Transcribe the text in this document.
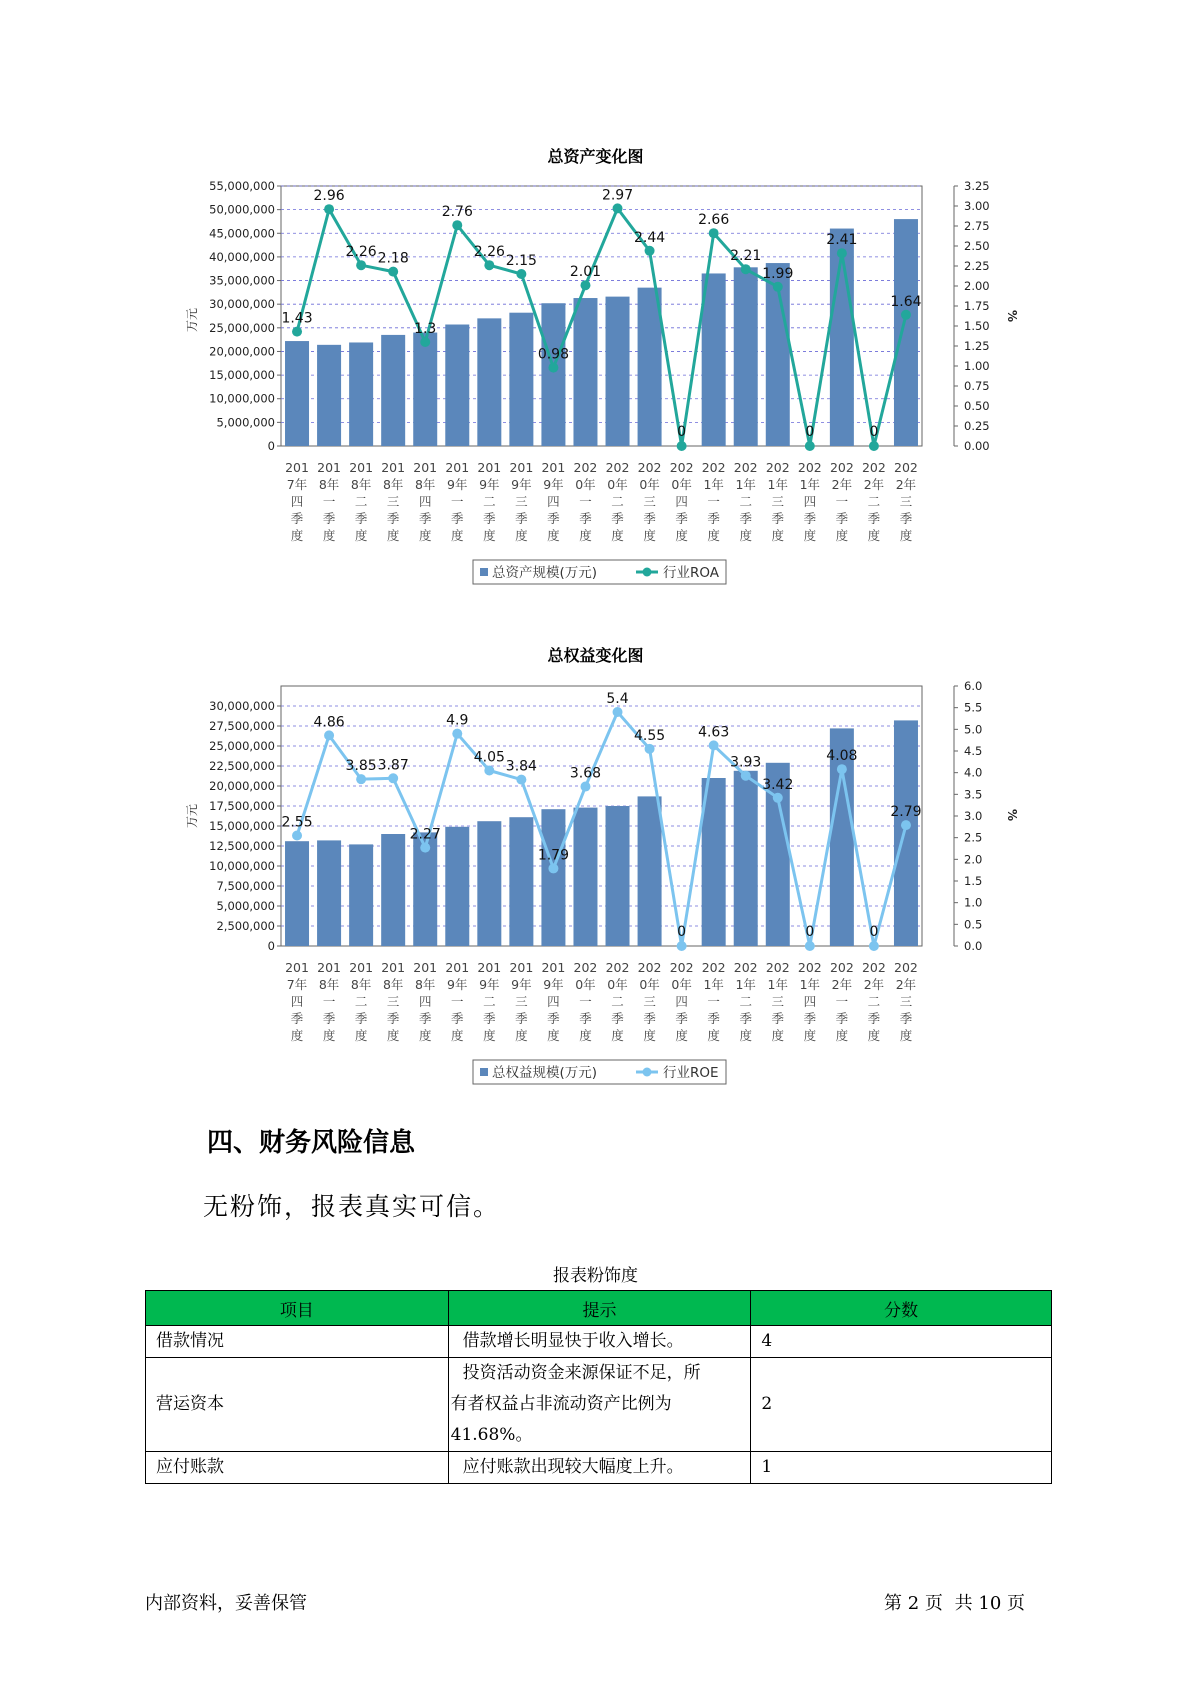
总资产变化图
55,000,000
50,000,000
45,000,000
40,000,000
35,000,000
30,000,000
25,000,000
20,000,000
15,000,000
10,000,000
5,000,000
0
3.25
3.00
2.75
2.50
2.25
2.00
1.75
1.50
1.25
1.00
0.75
0.50
0.25
0.00
万元	%
1.43
2.96
2.26 2.18
1.3
2.76
2.26
2.15
0.98
2.01
2.97
2.44
0
2.66
2.21
1.99
0
2.41
0
1.64
201
7年
四
季
度
201
8年
一
季
度
201
8年
二
季
度
201
8年
三
季
度
201
8年
四
季
度
201
9年
一
季
度
201
9年
二
季
度
201
9年
三
季
度
201
9年
四
季
度
202
0年
一
季
度
202
0年
二
季
度
202
0年
三
季
度
202
0年
四
季
度
202
1年
一
季
度
202
1年
二
季
度
202
1年
三
季
度
202
1年
四
季
度
202
2年
一
季
度
202
2年
二
季
度
202
2年
三
季
度
总资产规模(万元)	行业ROA
总权益变化图
30,000,000
27,500,000
25,000,000
22,500,000
20,000,000
17,500,000
15,000,000
12,500,000
10,000,000
7,500,000
5,000,000
2,500,000
0
6.0
5.5
5.0
4.5
4.0
3.5
3.0
2.5
2.0
1.5
1.0
0.5
0.0
万元	%
2.55
4.86
3.85 3.87
2.27
4.9
4.05
3.84
1.79
3.68
5.4
4.55
0
4.63
3.93
3.42
0
4.08
0
2.79
201
7年
四
季
度
201
8年
一
季
度
201
8年
二
季
度
201
8年
三
季
度
201
8年
四
季
度
201
9年
一
季
度
201
9年
二
季
度
201
9年
三
季
度
201
9年
四
季
度
202
0年
一
季
度
202
0年
二
季
度
202
0年
三
季
度
202
0年
四
季
度
202
1年
一
季
度
202
1年
二
季
度
202
1年
三
季
度
202
1年
四
季
度
202
2年
一
季
度
202
2年
二
季
度
202
2年
三
季
度
总权益规模(万元)	行业ROE
四、财务风险信息
无粉饰，报表真实可信。
报表粉饰度
项目	提示	分数
借款情况	借款增长明显快于收入增长。	4
营运资本	投资活动资金来源保证不足，所
有者权益占非流动资产比例为
41.68%。	2
应付账款	应付账款出现较大幅度上升。	1
内部资料，妥善保管	第 2 页 共 10 页
